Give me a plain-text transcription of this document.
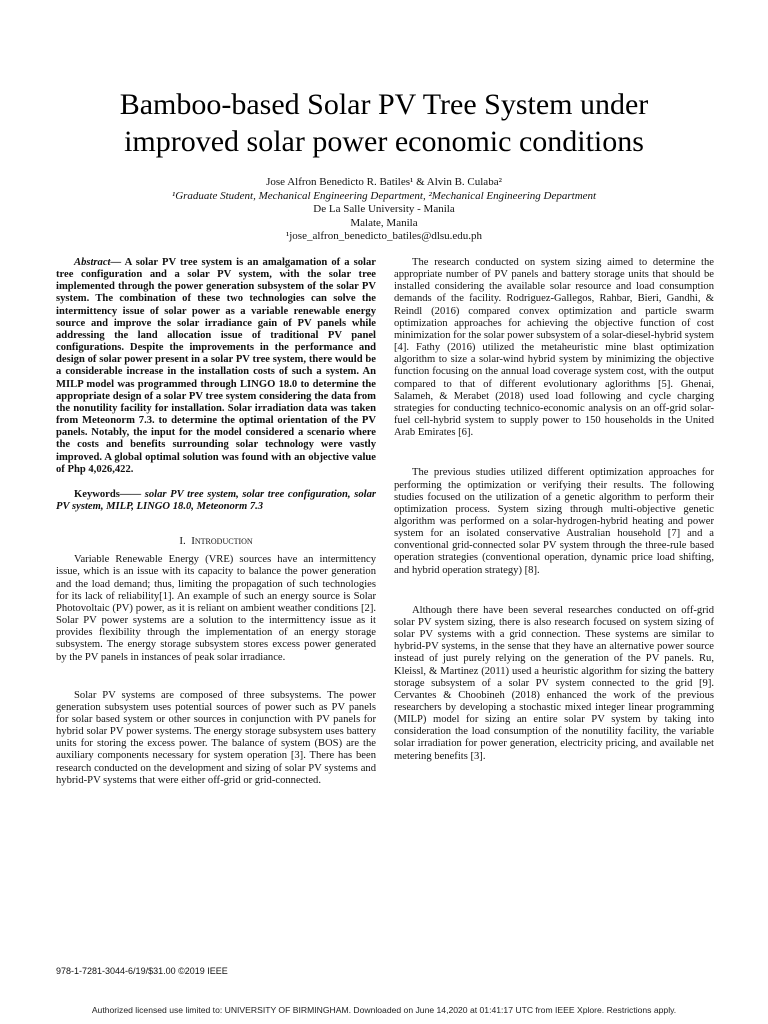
Bamboo-based Solar PV Tree System under
improved solar power economic conditions
Jose Alfron Benedicto R. Batiles¹ & Alvin B. Culaba²
¹Graduate Student, Mechanical Engineering Department, ²Mechanical Engineering Department
De La Salle University - Manila
Malate, Manila
¹jose_alfron_benedicto_batiles@dlsu.edu.ph

Abstract— A solar PV tree system is an amalgamation of a solar tree configuration and a solar PV system, with the solar tree implemented through the power generation subsystem of the solar PV system. The combination of these two technologies can solve the intermittency issue of solar power as a variable renewable energy source and improve the solar irradiance gain of PV panels while addressing the land allocation issue of traditional PV panel configurations. Despite the improvements in the performance and design of solar power present in a solar PV tree system, there would be a considerable increase in the installation costs of such a system. An MILP model was programmed through LINGO 18.0 to determine the appropriate design of a solar PV tree system considering the data from the nonutility facility for installation. Solar irradiation data was taken from Meteonorm 7.3. to determine the optimal orientation of the PV panels. Notably, the input for the model considered a scenario where the costs and benefits surrounding solar technology were vastly improved. A global optimal solution was found with an objective value of Php 4,026,422.

Keywords—— solar PV tree system, solar tree configuration, solar PV system, MILP, LINGO 18.0, Meteonorm 7.3

I. Introduction

Variable Renewable Energy (VRE) sources have an intermittency issue, which is an issue with its capacity to balance the power generation and the load demand; thus, limiting the propagation of such technologies for its lack of reliability[1]. An example of such an energy source is Solar Photovoltaic (PV) power, as it is reliant on ambient weather conditions [2]. Solar PV power systems are a solution to the intermittency issue as it provides flexibility through the implementation of an energy storage subsystem. The energy storage subsystem stores excess power generated by the PV panels in instances of peak solar irradiance.

Solar PV systems are composed of three subsystems. The power generation subsystem uses potential sources of power such as PV panels for solar based system or other sources in conjunction with PV panels for hybrid solar PV power systems. The energy storage subsystem uses battery units for storing the excess power. The balance of system (BOS) are the auxiliary components necessary for system operation [3]. There has been research conducted on the development and sizing of solar PV systems and hybrid-PV systems that were either off-grid or grid-connected.

The research conducted on system sizing aimed to determine the appropriate number of PV panels and battery storage units that should be installed considering the available solar resource and load consumption demands of the facility. Rodriguez-Gallegos, Rahbar, Bieri, Gandhi, & Reindl (2016) compared convex optimization and particle swarm optimization approaches for achieving the objective function of cost minimization for the solar power subsystem of a solar-diesel-hybrid system [4]. Fathy (2016) utilized the metaheuristic mine blast optimization algorithm to size a solar-wind hybrid system by minimizing the objective function focusing on the annual load coverage system cost, with the output compared to that of different evolutionary aglorithms [5]. Ghenai, Salameh, & Merabet (2018) used load following and cycle charging strategies for conducting technico-economic analysis on an off-grid solar-fuel cell-hybrid system to supply power to 150 households in the United Arab Emirates [6].

The previous studies utilized different optimization approaches for performing the optimization or verifying their results. The following studies focused on the utilization of a genetic algorithm to perform their optimization process. System sizing through multi-objective genetic algorithm was performed on a solar-hydrogen-hybrid heating and power system for an isolated conservative Australian household [7] and a conventional grid-connected solar PV system through the three-rule based operation strategies (conventional operation, dynamic price load shifting, and hybrid operation strategy) [8].

Although there have been several researches conducted on off-grid solar PV system sizing, there is also research focused on system sizing of solar PV systems with a grid connection. These systems are similar to hybrid-PV systems, in the sense that they have an alternative power source instead of just purely relying on the generation of the PV panels. Ru, Kleissl, & Martinez (2011) used a heuristic algorithm for sizing the battery storage subsystem of a solar PV system connected to the grid [9]. Cervantes & Choobineh (2018) enhanced the work of the previous researchers by developing a stochastic mixed integer linear programming (MILP) model for sizing an entire solar PV system by taking into consideration the load consumption of the nonutility facility, the variable solar irradiation for power generation, electricity pricing, and available net metering benefits [3].

978-1-7281-3044-6/19/$31.00 ©2019 IEEE
Authorized licensed use limited to: UNIVERSITY OF BIRMINGHAM. Downloaded on June 14,2020 at 01:41:17 UTC from IEEE Xplore. Restrictions apply.
